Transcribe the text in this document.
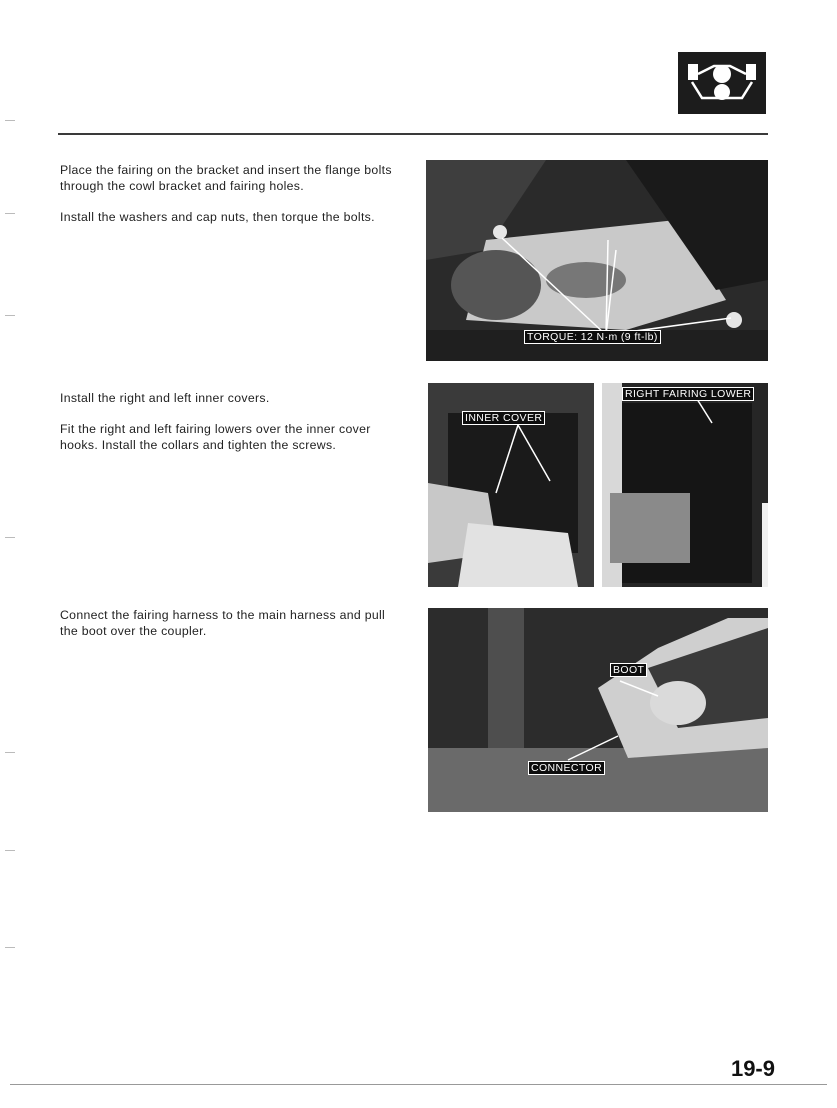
Place the fairing on the bracket and insert the flange bolts through the cowl bracket and fairing holes.

Install the washers and cap nuts, then torque the bolts.

TORQUE: 12 N·m (9 ft-lb)

Install the right and left inner covers.

Fit the right and left fairing lowers over the inner cover hooks. Install the collars and tighten the screws.

INNER COVER
RIGHT FAIRING LOWER

Connect the fairing harness to the main harness and pull the boot over the coupler.

BOOT
CONNECTOR
19-9
